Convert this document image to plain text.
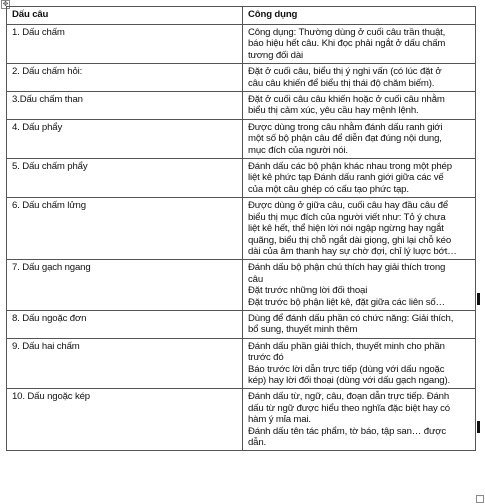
✥
Dấu câu	Công dụng
1. Dấu chấm	Công dụng: Thường dùng ở cuối câu trần thuật,
báo hiệu hết câu. Khi đọc phải ngắt ở dấu chấm
tương đối dài
2. Dấu chấm hỏi:	Đặt ở cuối câu, biểu thị ý nghi vấn (có lúc đặt ở
câu câu khiến để biểu thị thái độ chăm biếm).
3.Dấu chấm than	Đặt ở cuối câu câu khiến hoặc ở cuối câu nhằm
biểu thị cảm xúc, yêu cầu hay mệnh lệnh.
4. Dấu phẩy	Được dùng trong câu nhằm đánh dấu ranh giới
một số bộ phận câu để diễn đạt đúng nội dung,
mục đích của người nói.
5. Dấu chấm phẩy	Đánh dấu các bộ phận khác nhau trong một phép
liệt kê phức tạp Đánh dấu ranh giới giữa các vế
của một câu ghép có cấu tạo phức tạp.
6. Dấu chấm lửng	Được dùng ở giữa câu, cuối câu hay đầu câu để
biểu thị mục đích của người viết như: Tỏ ý chưa
liệt kê hết, thể hiện lời nói ngập ngừng hay ngắt
quãng, biểu thị chỗ ngắt dài giọng, ghi lại chỗ kéo
dài của âm thanh hay sự chờ đợi, chỉ lý luợc bớt…
7. Dấu gạch ngang	Đánh dấu bộ phận chú thích hay giải thích trong
câu
Đặt trước những lời đối thoại
Đặt trước bộ phận liệt kê, đặt giữa các liên số…
8. Dấu ngoặc đơn	Dùng để đánh dấu phần có chức năng: Giải thích,
bổ sung, thuyết minh thêm
9. Dấu hai chấm	Đánh dấu phần giải thích, thuyết minh cho phần
trước đó
Báo trước lời dẫn trực tiếp (dùng với dấu ngoặc
kép) hay lời đối thoại (dùng với dấu gạch ngang).
10. Dấu ngoặc kép	Đánh dấu từ, ngữ, câu, đoạn dẫn trực tiếp. Đánh
dấu từ ngữ được hiểu theo nghĩa đặc biệt hay có
hàm ý mỉa mai.
Đánh dấu tên tác phẩm, tờ báo, tập san… được
dẫn.
